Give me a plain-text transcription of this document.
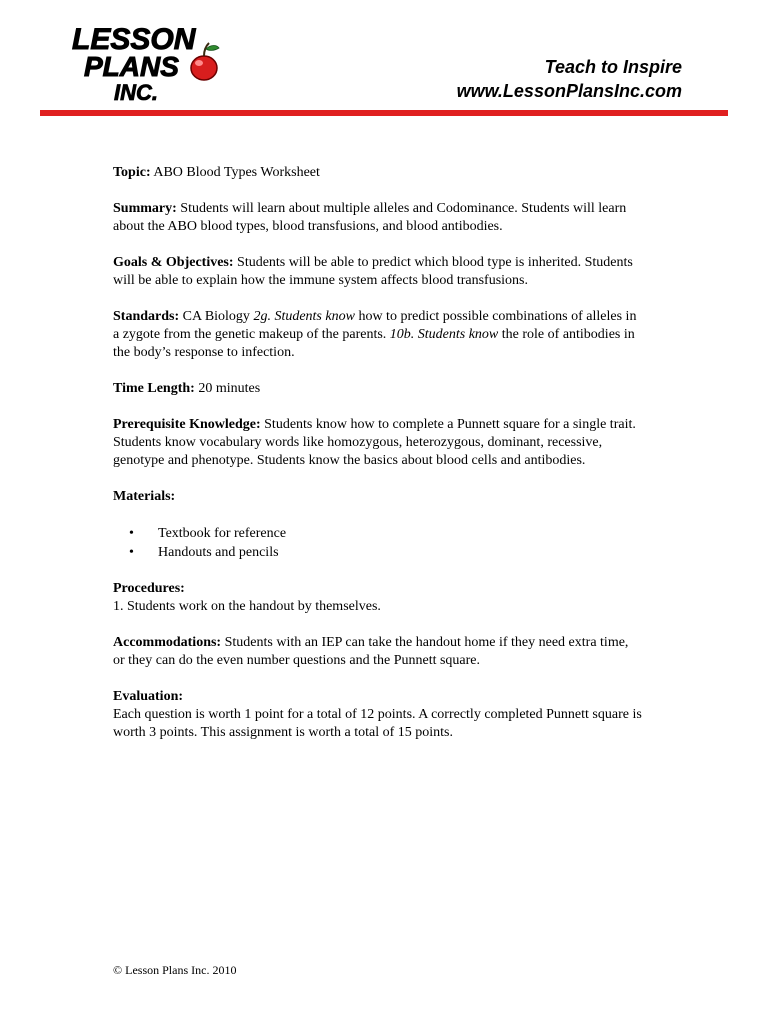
LESSON
PLANS
INC.
Teach to Inspire
www.LessonPlansInc.com

Topic: ABO Blood Types Worksheet

Summary: Students will learn about multiple alleles and Codominance. Students will learn about the ABO blood types, blood transfusions, and blood antibodies.

Goals & Objectives: Students will be able to predict which blood type is inherited. Students will be able to explain how the immune system affects blood transfusions.

Standards: CA Biology 2g. Students know how to predict possible combinations of alleles in a zygote from the genetic makeup of the parents. 10b. Students know the role of antibodies in the body’s response to infection.

Time Length: 20 minutes

Prerequisite Knowledge: Students know how to complete a Punnett square for a single trait. Students know vocabulary words like homozygous, heterozygous, dominant, recessive, genotype and phenotype. Students know the basics about blood cells and antibodies.

Materials:

• Textbook for reference
• Handouts and pencils

Procedures:
1. Students work on the handout by themselves.

Accommodations: Students with an IEP can take the handout home if they need extra time, or they can do the even number questions and the Punnett square.

Evaluation:
Each question is worth 1 point for a total of 12 points. A correctly completed Punnett square is worth 3 points. This assignment is worth a total of 15 points.

© Lesson Plans Inc. 2010
